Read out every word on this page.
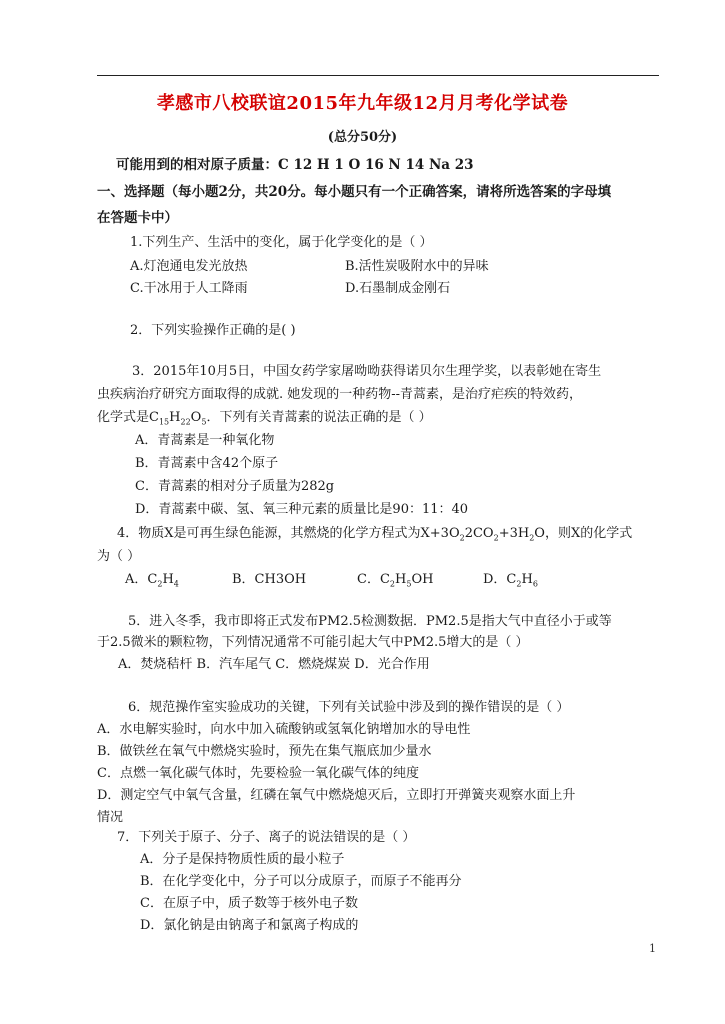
孝感市八校联谊2015年九年级12月月考化学试卷
(总分50分)
可能用到的相对原子质量：C 12 H 1 O 16 N 14 Na 23
一、选择题（每小题2分，共20分。每小题只有一个正确答案，请将所选答案的字母填
在答题卡中）
1.下列生产、生活中的变化，属于化学变化的是（ ）
A.灯泡通电发光放热	B.活性炭吸附水中的异味
C.干冰用于人工降雨	D.石墨制成金刚石
2．下列实验操作正确的是( )
3．2015年10月5日，中国女药学家屠呦呦获得诺贝尔生理学奖，以表彰她在寄生
虫疾病治疗研究方面取得的成就. 她发现的一种药物--青蒿素，是治疗疟疾的特效药，
化学式是$C_{15}H_{22}O_5$．下列有关青蒿素的说法正确的是（ ）
A．青蒿素是一种氧化物
B．青蒿素中含42个原子
C．青蒿素的相对分子质量为282g
D．青蒿素中碳、氢、氧三种元素的质量比是90：11：40
4．物质X是可再生绿色能源，其燃烧的化学方程式为$X+3O_22CO_2+3H_2O$，则X的化学式
为（ ）
A．$C_2H_4$	B．CH3OH	C．$C_2H_5OH$	D．$C_2H_6$
5．进入冬季，我市即将正式发布PM2.5检测数据．PM2.5是指大气中直径小于或等
于2.5微米的颗粒物，下列情况通常不可能引起大气中PM2.5增大的是（ ）
A．焚烧秸杆 B．汽车尾气 C．燃烧煤炭 D．光合作用
6．规范操作室实验成功的关键，下列有关试验中涉及到的操作错误的是（ ）
A．水电解实验时，向水中加入硫酸钠或氢氧化钠增加水的导电性
B．做铁丝在氧气中燃烧实验时，预先在集气瓶底加少量水
C．点燃一氧化碳气体时，先要检验一氧化碳气体的纯度
D．测定空气中氧气含量，红磷在氧气中燃烧熄灭后，立即打开弹簧夹观察水面上升
情况
7．下列关于原子、分子、离子的说法错误的是（ ）
A．分子是保持物质性质的最小粒子
B．在化学变化中，分子可以分成原子，而原子不能再分
C．在原子中，质子数等于核外电子数
D．氯化钠是由钠离子和氯离子构成的
1
